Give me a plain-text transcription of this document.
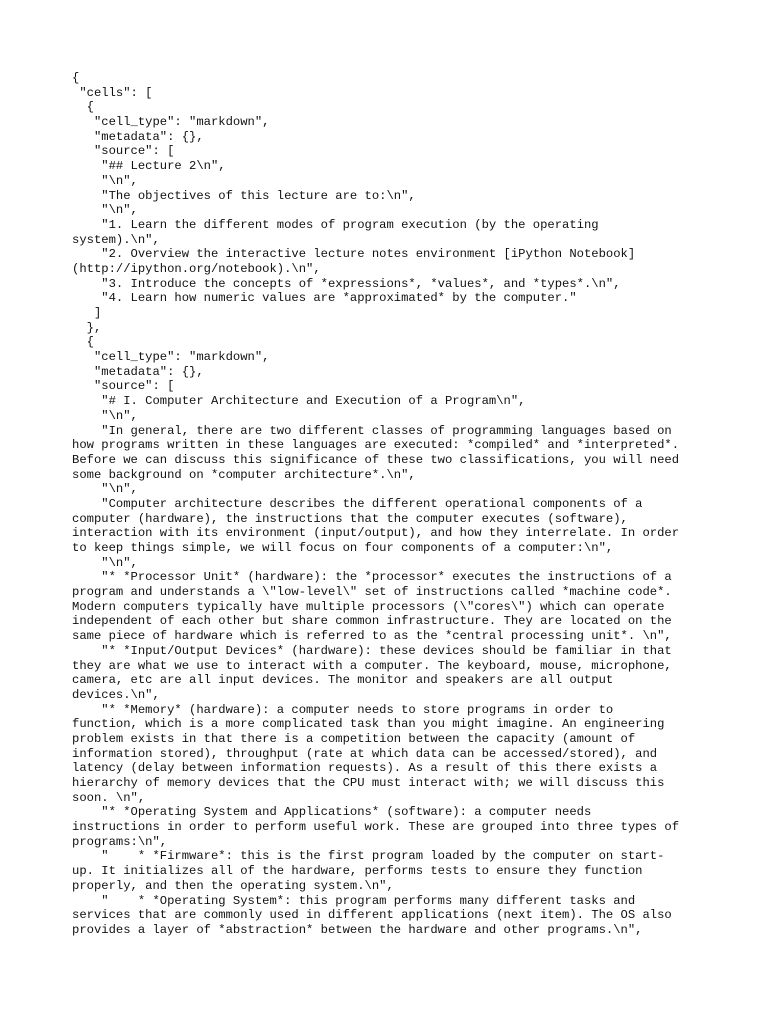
{
"cells": [
{
"cell_type": "markdown",
"metadata": {},
"source": [
"## Lecture 2\n",
"\n",
"The objectives of this lecture are to:\n",
"\n",
"1. Learn the different modes of program execution (by the operating
system).\n",
"2. Overview the interactive lecture notes environment [iPython Notebook]
(http://ipython.org/notebook).\n",
"3. Introduce the concepts of *expressions*, *values*, and *types*.\n",
"4. Learn how numeric values are *approximated* by the computer."
]
},
{
"cell_type": "markdown",
"metadata": {},
"source": [
"# I. Computer Architecture and Execution of a Program\n",
"\n",
"In general, there are two different classes of programming languages based on
how programs written in these languages are executed: *compiled* and *interpreted*.
Before we can discuss this significance of these two classifications, you will need
some background on *computer architecture*.\n",
"\n",
"Computer architecture describes the different operational components of a
computer (hardware), the instructions that the computer executes (software),
interaction with its environment (input/output), and how they interrelate. In order
to keep things simple, we will focus on four components of a computer:\n",
"\n",
"* *Processor Unit* (hardware): the *processor* executes the instructions of a
program and understands a \"low-level\" set of instructions called *machine code*.
Modern computers typically have multiple processors (\"cores\") which can operate
independent of each other but share common infrastructure. They are located on the
same piece of hardware which is referred to as the *central processing unit*. \n",
"* *Input/Output Devices* (hardware): these devices should be familiar in that
they are what we use to interact with a computer. The keyboard, mouse, microphone,
camera, etc are all input devices. The monitor and speakers are all output
devices.\n",
"* *Memory* (hardware): a computer needs to store programs in order to
function, which is a more complicated task than you might imagine. An engineering
problem exists in that there is a competition between the capacity (amount of
information stored), throughput (rate at which data can be accessed/stored), and
latency (delay between information requests). As a result of this there exists a
hierarchy of memory devices that the CPU must interact with; we will discuss this
soon. \n",
"* *Operating System and Applications* (software): a computer needs
instructions in order to perform useful work. These are grouped into three types of
programs:\n",
"    * *Firmware*: this is the first program loaded by the computer on start-
up. It initializes all of the hardware, performs tests to ensure they function
properly, and then the operating system.\n",
"    * *Operating System*: this program performs many different tasks and
services that are commonly used in different applications (next item). The OS also
provides a layer of *abstraction* between the hardware and other programs.\n",
